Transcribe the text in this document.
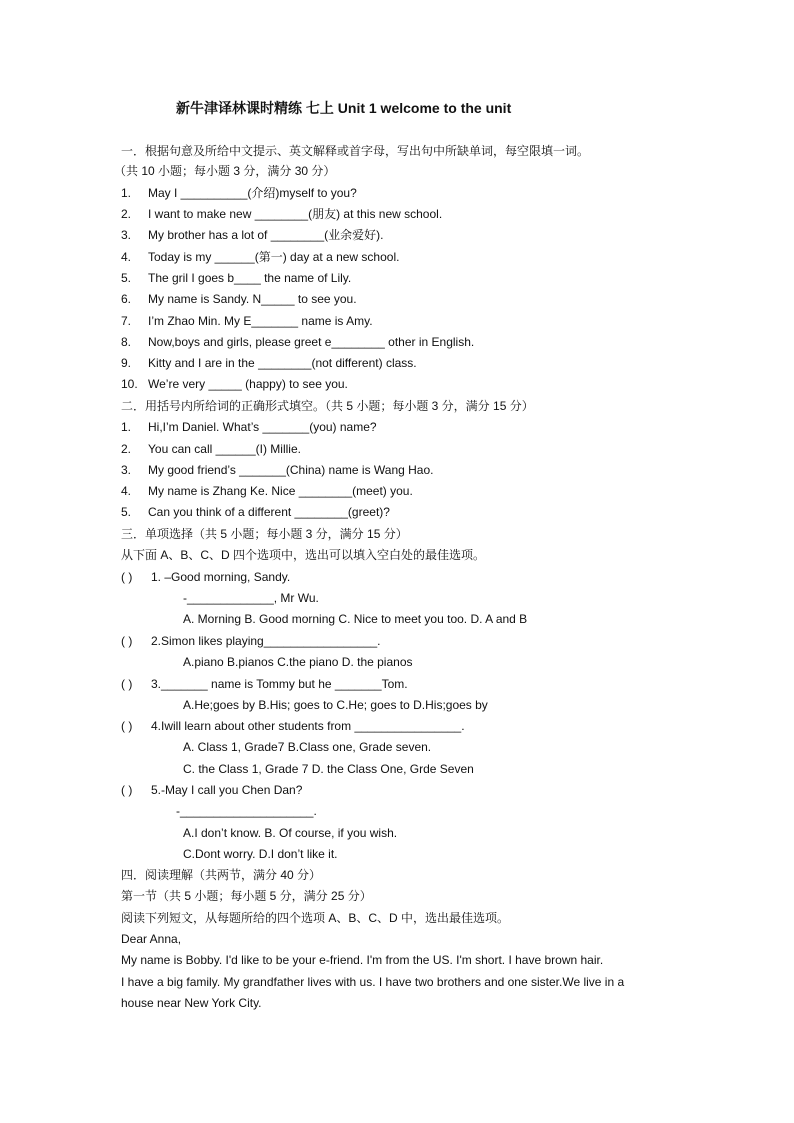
新牛津译林课时精练 七上 Unit 1 welcome to the unit
一．根据句意及所给中文提示、英文解释或首字母，写出句中所缺单词，每空限填一词。
（共 10 小题；每小题 3 分，满分 30 分）
1. May I __________(介绍)myself to you?
2. I want to make new ________(朋友) at this new school.
3. My brother has a lot of ________(业余爱好).
4. Today is my ______(第一) day at a new school.
5. The gril I goes b____ the name of Lily.
6. My name is Sandy. N_____ to see you.
7. I’m Zhao Min. My E_______ name is Amy.
8. Now,boys and girls, please greet e________ other in English.
9. Kitty and I are in the ________(not different) class.
10. We’re very _____ (happy) to see you.
二．用括号内所给词的正确形式填空。（共 5 小题；每小题 3 分，满分 15 分）
1. Hi,I’m Daniel. What’s _______(you) name?
2. You can call ______(I) Millie.
3. My good friend’s _______(China) name is Wang Hao.
4. My name is Zhang Ke. Nice ________(meet) you.
5. Can you think of a different ________(greet)?
三．单项选择（共 5 小题；每小题 3 分，满分 15 分）
从下面 A、B、C、D 四个选项中，选出可以填入空白处的最佳选项。
( ) 1. –Good morning, Sandy.
-_____________, Mr Wu.
A. Morning B. Good morning C. Nice to meet you too. D. A and B
( ) 2.Simon likes playing_________________.
A.piano B.pianos C.the piano D. the pianos
( ) 3._______ name is Tommy but he _______Tom.
A.He;goes by B.His; goes to C.He; goes to D.His;goes by
( ) 4.Iwill learn about other students from ________________.
A. Class 1, Grade7 B.Class one, Grade seven.
C. the Class 1, Grade 7 D. the Class One, Grde Seven
( ) 5.-May I call you Chen Dan?
-____________________.
A.I don’t know. B. Of course, if you wish.
C.Dont worry. D.I don’t like it.
四．阅读理解（共两节，满分 40 分）
第一节（共 5 小题；每小题 5 分，满分 25 分）
阅读下列短文，从每题所给的四个选项 A、B、C、D 中，选出最佳选项。
Dear Anna,
My name is Bobby. I'd like to be your e-friend. I'm from the US. I'm short. I have brown hair.
I have a big family. My grandfather lives with us. I have two brothers and one sister.We live in a
house near New York City.
